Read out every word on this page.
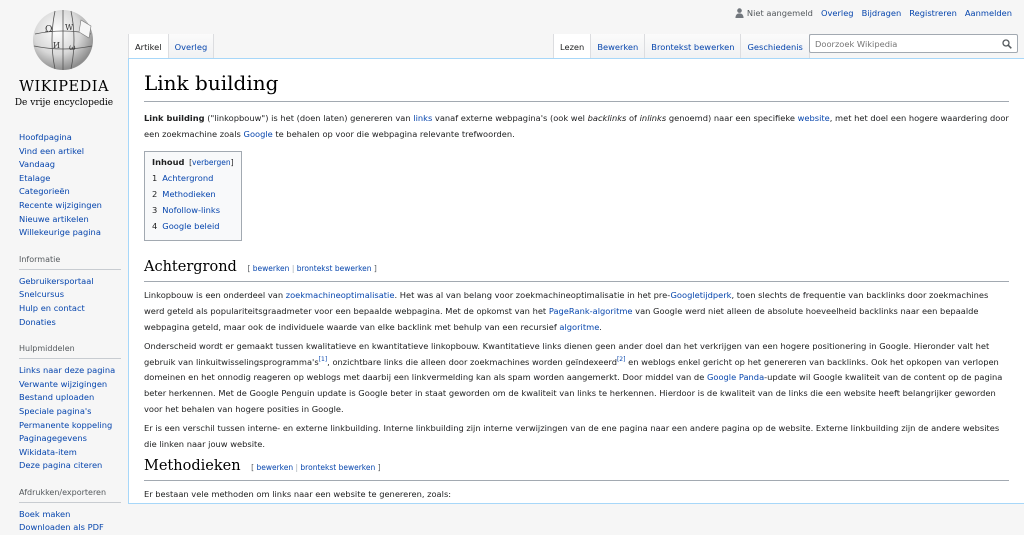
Ω W
И ω
WIKIPEDIA
De vrije encyclopedie
Hoofdpagina
Vind een artikel
Vandaag
Etalage
Categorieën
Recente wijzigingen
Nieuwe artikelen
Willekeurige pagina
Informatie
Gebruikersportaal
Snelcursus
Hulp en contact
Donaties
Hulpmiddelen
Links naar deze pagina
Verwante wijzigingen
Bestand uploaden
Speciale pagina's
Permanente koppeling
Paginagegevens
Wikidata-item
Deze pagina citeren
Afdrukken/exporteren
Boek maken
Downloaden als PDF
Niet aangemeld Overleg Bijdragen Registreren Aanmelden
Artikel Overleg	Lezen Bewerken Brontekst bewerken Geschiedenis
Doorzoek Wikipedia
Link building

Link building ("linkopbouw") is het (doen laten) genereren van links vanaf externe webpagina's (ook wel backlinks of inlinks genoemd) naar een specifieke website, met het doel een hogere waardering door een zoekmachine zoals Google te behalen op voor die webpagina relevante trefwoorden.

Inhoud [verbergen]
1 Achtergrond
2 Methodieken
3 Nofollow-links
4 Google beleid
Achtergrond [ bewerken | brontekst bewerken ]

Linkopbouw is een onderdeel van zoekmachineoptimalisatie. Het was al van belang voor zoekmachineoptimalisatie in het pre-Googletijdperk, toen slechts de frequentie van backlinks door zoekmachines werd geteld als populariteitsgraadmeter voor een bepaalde webpagina. Met de opkomst van het PageRank-algoritme van Google werd niet alleen de absolute hoeveelheid backlinks naar een bepaalde webpagina geteld, maar ook de individuele waarde van elke backlink met behulp van een recursief algoritme.

Onderscheid wordt er gemaakt tussen kwalitatieve en kwantitatieve linkopbouw. Kwantitatieve links dienen geen ander doel dan het verkrijgen van een hogere positionering in Google. Hieronder valt het gebruik van linkuitwisselingsprogramma's[1], onzichtbare links die alleen door zoekmachines worden geïndexeerd[2] en weblogs enkel gericht op het genereren van backlinks. Ook het opkopen van verlopen domeinen en het onnodig reageren op weblogs met daarbij een linkvermelding kan als spam worden aangemerkt. Door middel van de Google Panda-update wil Google kwaliteit van de content op de pagina beter herkennen. Met de Google Penguin update is Google beter in staat geworden om de kwaliteit van links te herkennen. Hierdoor is de kwaliteit van de links die een website heeft belangrijker geworden voor het behalen van hogere posities in Google.

Er is een verschil tussen interne- en externe linkbuilding. Interne linkbuilding zijn interne verwijzingen van de ene pagina naar een andere pagina op de website. Externe linkbuilding zijn de andere websites die linken naar jouw website.

Methodieken [ bewerken | brontekst bewerken ]

Er bestaan vele methoden om links naar een website te genereren, zoals:
